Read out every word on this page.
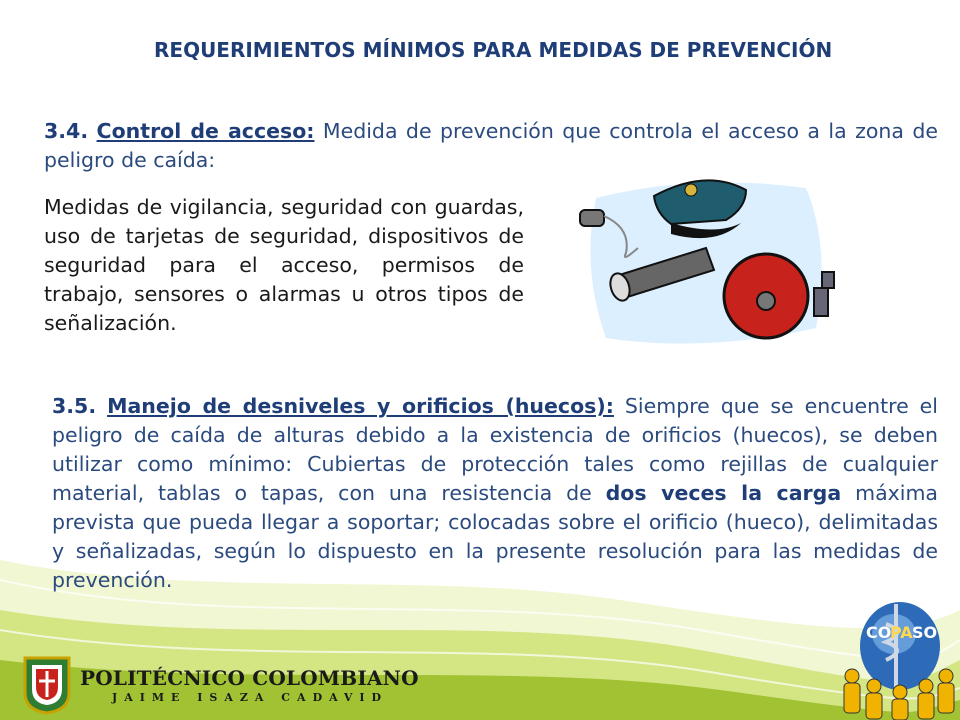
REQUERIMIENTOS MÍNIMOS PARA MEDIDAS DE PREVENCIÓN

3.4. Control de acceso: Medida de prevención que controla el acceso a la zona de peligro de caída:

Medidas de vigilancia, seguridad con guardas, uso de tarjetas de seguridad, dispositivos de seguridad para el acceso, permisos de trabajo, sensores o alarmas u otros tipos de señalización.

3.5. Manejo de desniveles y orificios (huecos): Siempre que se encuentre el peligro de caída de alturas debido a la existencia de orificios (huecos), se deben utilizar como mínimo: Cubiertas de protección tales como rejillas de cualquier material, tablas o tapas, con una resistencia de dos veces la carga máxima prevista que pueda llegar a soportar; colocadas sobre el orificio (hueco), delimitadas y señalizadas, según lo dispuesto en la presente resolución para las medidas de prevención.

POLITÉCNICO COLOMBIANO
JAIME ISAZA CADAVID
CO SO
PA
